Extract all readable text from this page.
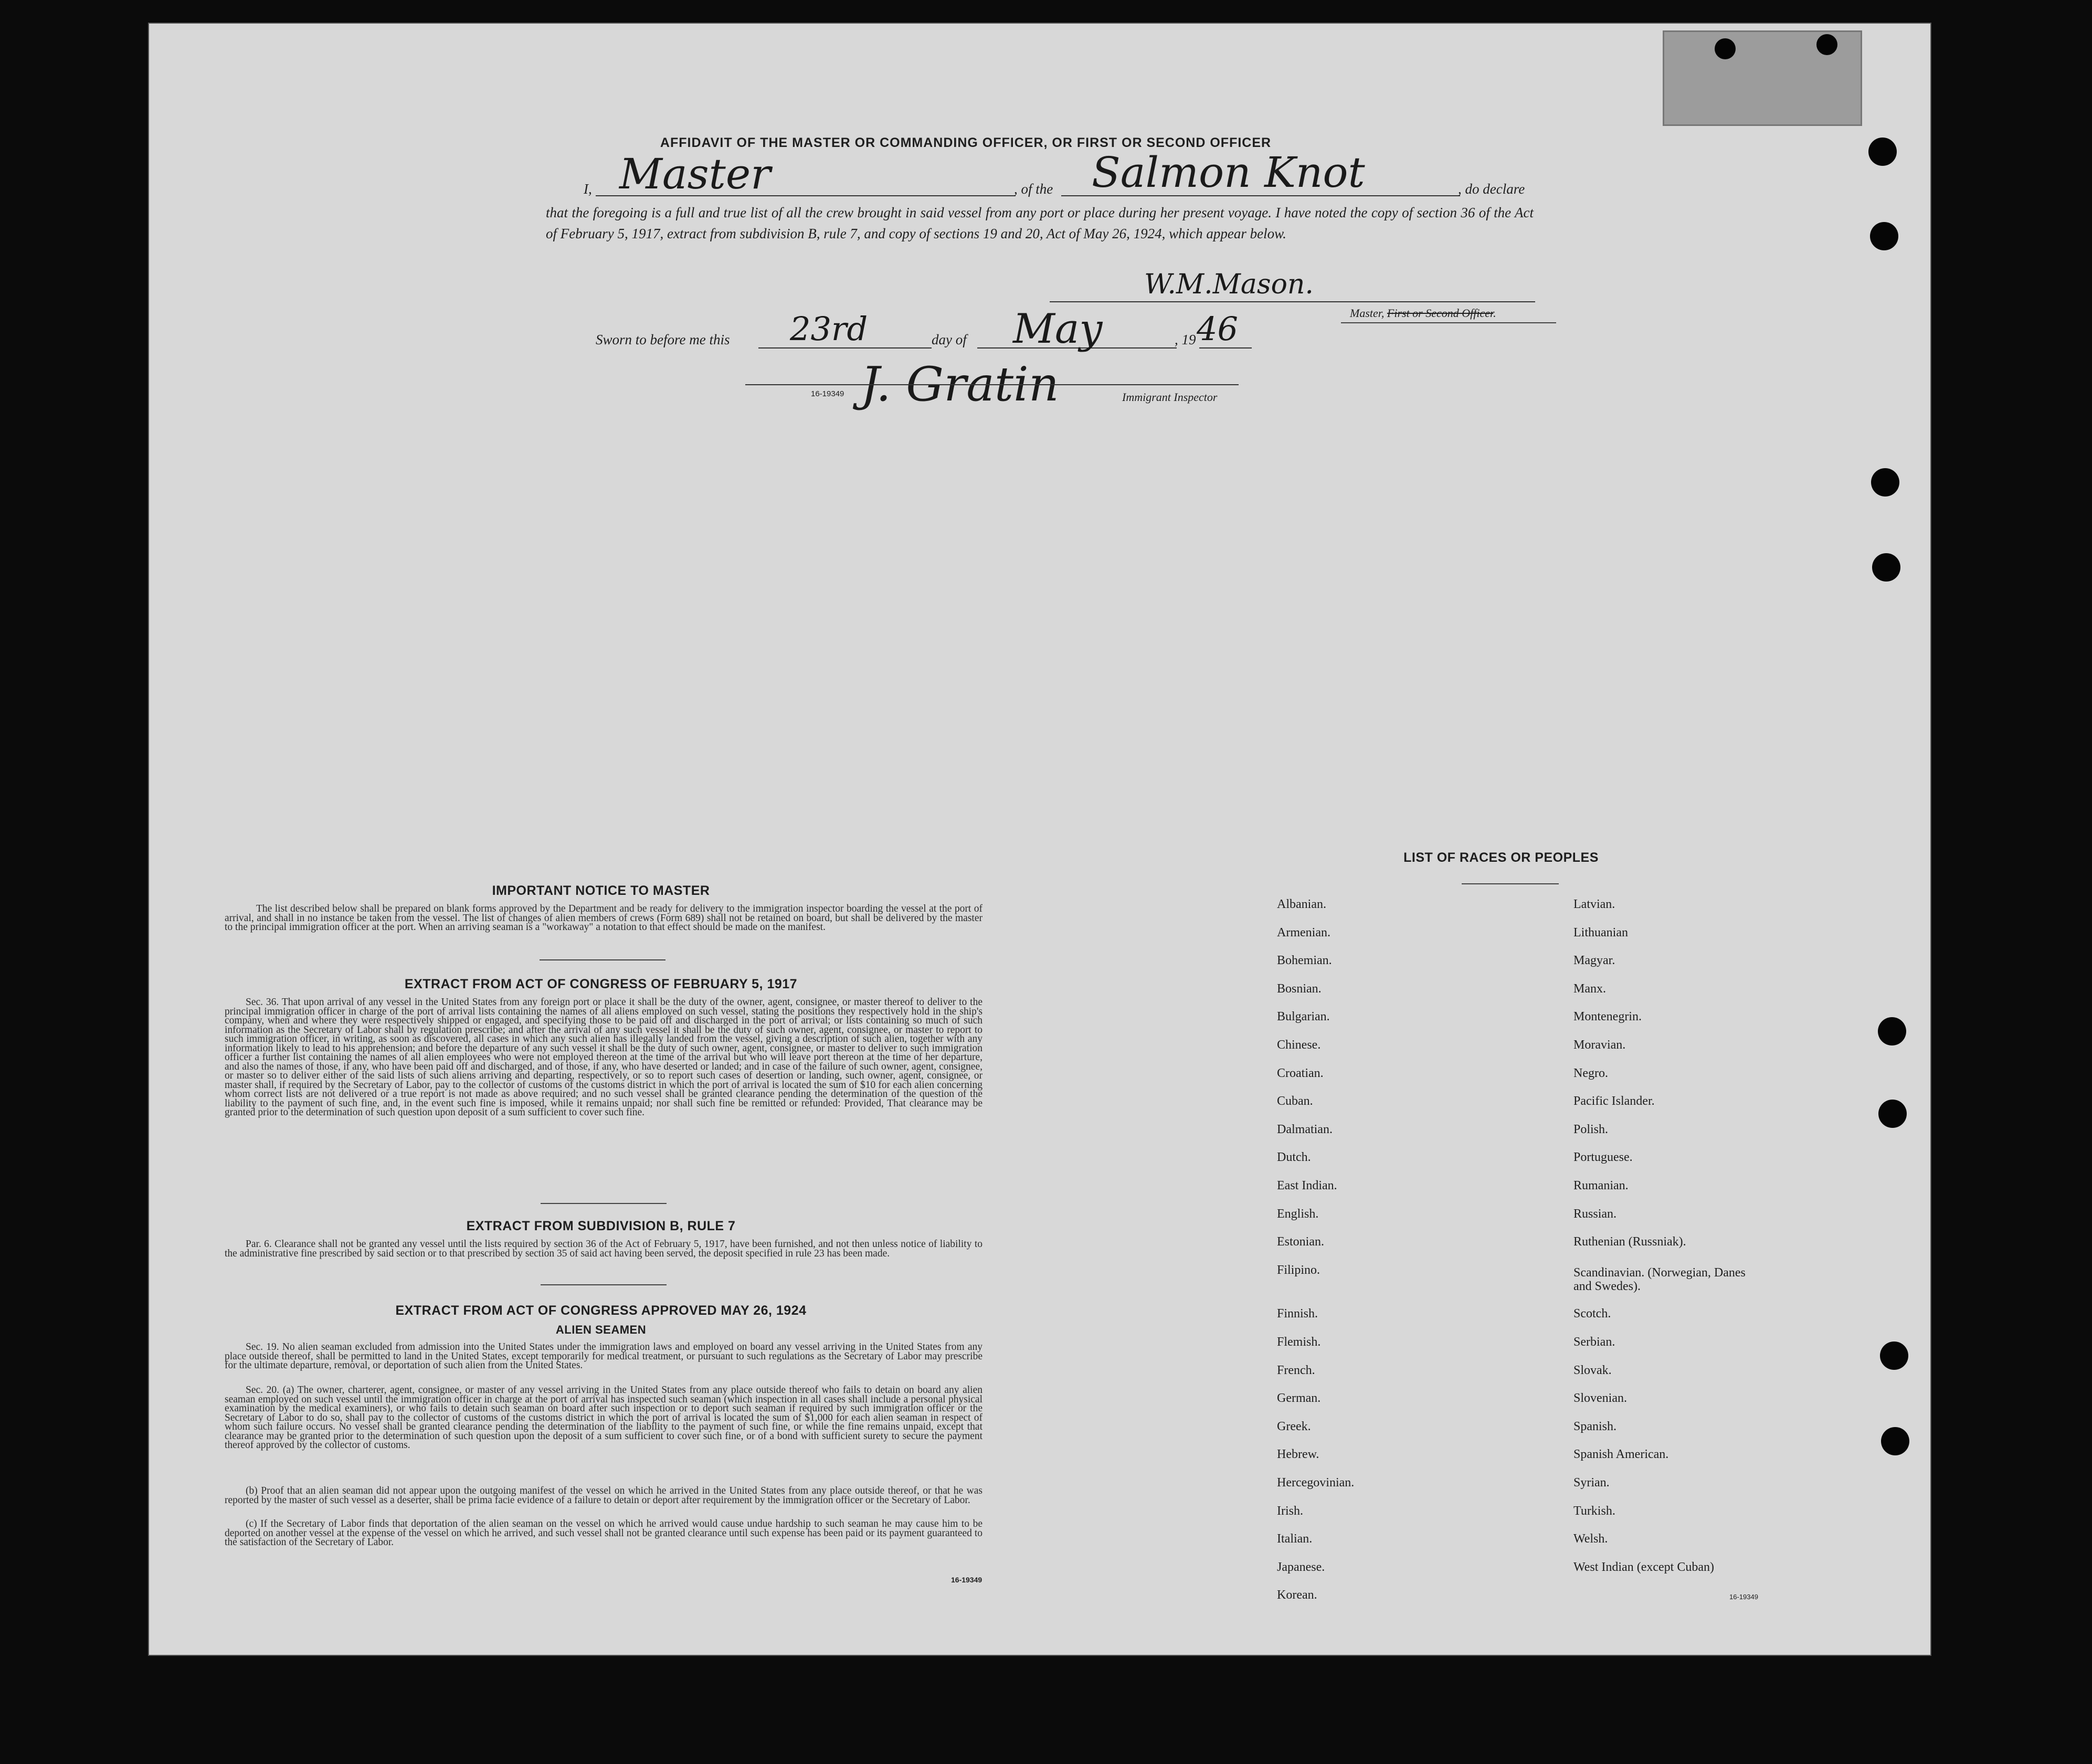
AFFIDAVIT OF THE MASTER OR COMMANDING OFFICER, OR FIRST OR SECOND OFFICER
I, Master	, of the Salmon Knot	, do declare
that the foregoing is a full and true list of all the crew brought in said vessel from any port or place during her present voyage. I have noted the copy of section 36 of the Act of February 5, 1917, extract from subdivision B, rule 7, and copy of sections 19 and 20, Act of May 26, 1924, which appear below.
W.M.Mason.
Master, First or Second Officer.
Sworn to before me this 23rd	day of May	, 19 46
J. Gratin
16-19349	Immigrant Inspector
IMPORTANT NOTICE TO MASTER
The list described below shall be prepared on blank forms approved by the Department and be ready for delivery to the immigration inspector boarding the vessel at the port of arrival, and shall in no instance be taken from the vessel. The list of changes of alien members of crews (Form 689) shall not be retained on board, but shall be delivered by the master to the principal immigration officer at the port. When an arriving seaman is a "workaway" a notation to that effect should be made on the manifest.
EXTRACT FROM ACT OF CONGRESS OF FEBRUARY 5, 1917
Sec. 36. That upon arrival of any vessel in the United States from any foreign port or place it shall be the duty of the owner, agent, consignee, or master thereof to deliver to the principal immigration officer in charge of the port of arrival lists containing the names of all aliens employed on such vessel, stating the positions they respectively hold in the ship's company, when and where they were respectively shipped or engaged, and specifying those to be paid off and discharged in the port of arrival; or lists containing so much of such information as the Secretary of Labor shall by regulation prescribe; and after the arrival of any such vessel it shall be the duty of such owner, agent, consignee, or master to report to such immigration officer, in writing, as soon as discovered, all cases in which any such alien has illegally landed from the vessel, giving a description of such alien, together with any information likely to lead to his apprehension; and before the departure of any such vessel it shall be the duty of such owner, agent, consignee, or master to deliver to such immigration officer a further list containing the names of all alien employees who were not employed thereon at the time of the arrival but who will leave port thereon at the time of her departure, and also the names of those, if any, who have been paid off and discharged, and of those, if any, who have deserted or landed; and in case of the failure of such owner, agent, consignee, or master so to deliver either of the said lists of such aliens arriving and departing, respectively, or so to report such cases of desertion or landing, such owner, agent, consignee, or master shall, if required by the Secretary of Labor, pay to the collector of customs of the customs district in which the port of arrival is located the sum of $10 for each alien concerning whom correct lists are not delivered or a true report is not made as above required; and no such vessel shall be granted clearance pending the determination of the question of the liability to the payment of such fine, and, in the event such fine is imposed, while it remains unpaid; nor shall such fine be remitted or refunded: Provided, That clearance may be granted prior to the determination of such question upon deposit of a sum sufficient to cover such fine.
EXTRACT FROM SUBDIVISION B, RULE 7
Par. 6. Clearance shall not be granted any vessel until the lists required by section 36 of the Act of February 5, 1917, have been furnished, and not then unless notice of liability to the administrative fine prescribed by said section or to that prescribed by section 35 of said act having been served, the deposit specified in rule 23 has been made.
EXTRACT FROM ACT OF CONGRESS APPROVED MAY 26, 1924
ALIEN SEAMEN
Sec. 19. No alien seaman excluded from admission into the United States under the immigration laws and employed on board any vessel arriving in the United States from any place outside thereof, shall be permitted to land in the United States, except temporarily for medical treatment, or pursuant to such regulations as the Secretary of Labor may prescribe for the ultimate departure, removal, or deportation of such alien from the United States.
Sec. 20. (a) The owner, charterer, agent, consignee, or master of any vessel arriving in the United States from any place outside thereof who fails to detain on board any alien seaman employed on such vessel until the immigration officer in charge at the port of arrival has inspected such seaman (which inspection in all cases shall include a personal physical examination by the medical examiners), or who fails to detain such seaman on board after such inspection or to deport such seaman if required by such immigration officer or the Secretary of Labor to do so, shall pay to the collector of customs of the customs district in which the port of arrival is located the sum of $1,000 for each alien seaman in respect of whom such failure occurs. No vessel shall be granted clearance pending the determination of the liability to the payment of such fine, or while the fine remains unpaid, except that clearance may be granted prior to the determination of such question upon the deposit of a sum sufficient to cover such fine, or of a bond with sufficient surety to secure the payment thereof approved by the collector of customs.
(b) Proof that an alien seaman did not appear upon the outgoing manifest of the vessel on which he arrived in the United States from any place outside thereof, or that he was reported by the master of such vessel as a deserter, shall be prima facie evidence of a failure to detain or deport after requirement by the immigration officer or the Secretary of Labor.
(c) If the Secretary of Labor finds that deportation of the alien seaman on the vessel on which he arrived would cause undue hardship to such seaman he may cause him to be deported on another vessel at the expense of the vessel on which he arrived, and such vessel shall not be granted clearance until such expense has been paid or its payment guaranteed to the satisfaction of the Secretary of Labor.
16-19349
LIST OF RACES OR PEOPLES
Albanian.
Armenian.
Bohemian.
Bosnian.
Bulgarian.
Chinese.
Croatian.
Cuban.
Dalmatian.
Dutch.
East Indian.
English.
Estonian.
Filipino.
Finnish.
Flemish.
French.
German.
Greek.
Hebrew.
Hercegovinian.
Irish.
Italian.
Japanese.
Korean.
Latvian.
Lithuanian
Magyar.
Manx.
Montenegrin.
Moravian.
Negro.
Pacific Islander.
Polish.
Portuguese.
Rumanian.
Russian.
Ruthenian (Russniak).
Scandinavian. (Norwegian, Danes and Swedes).
Scotch.
Serbian.
Slovak.
Slovenian.
Spanish.
Spanish American.
Syrian.
Turkish.
Welsh.
West Indian (except Cuban)
16-19349
